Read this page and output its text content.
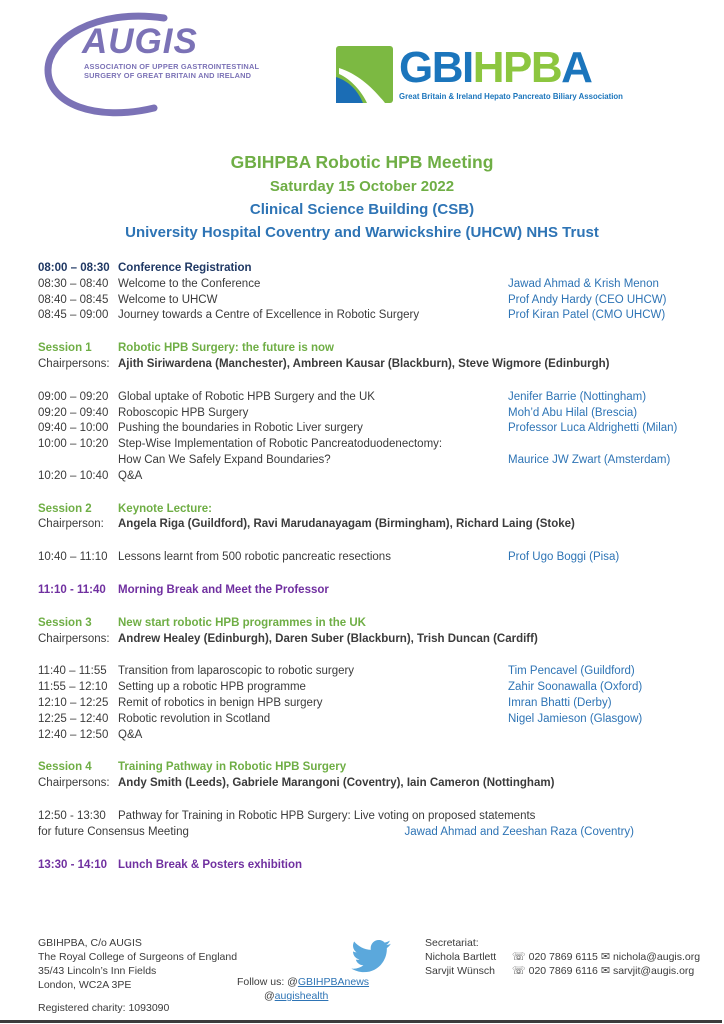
AUGIS
ASSOCIATION OF UPPER GASTROINTESTINAL
SURGERY OF GREAT BRITAIN AND IRELAND	GBIHPBA
Great Britain & Ireland Hepato Pancreato Biliary Association
GBIHPBA Robotic HPB Meeting
Saturday 15 October 2022
Clinical Science Building (CSB)
University Hospital Coventry and Warwickshire (UHCW) NHS Trust
08:00 – 08:30 Conference Registration
08:30 – 08:40 Welcome to the Conference	Jawad Ahmad & Krish Menon
08:40 – 08:45 Welcome to UHCW	Prof Andy Hardy (CEO UHCW)
08:45 – 09:00 Journey towards a Centre of Excellence in Robotic Surgery	Prof Kiran Patel (CMO UHCW)
Session 1	Robotic HPB Surgery: the future is now
Chairpersons: Ajith Siriwardena (Manchester), Ambreen Kausar (Blackburn), Steve Wigmore (Edinburgh)
09:00 – 09:20 Global uptake of Robotic HPB Surgery and the UK	Jenifer Barrie (Nottingham)
09:20 – 09:40 Roboscopic HPB Surgery	Moh’d Abu Hilal (Brescia)
09:40 – 10:00 Pushing the boundaries in Robotic Liver surgery	Professor Luca Aldrighetti (Milan)
10:00 – 10:20 Step-Wise Implementation of Robotic Pancreatoduodenectomy:
How Can We Safely Expand Boundaries?	Maurice JW Zwart (Amsterdam)
10:20 – 10:40 Q&A
Session 2	Keynote Lecture:
Chairperson:	Angela Riga (Guildford), Ravi Marudanayagam (Birmingham), Richard Laing (Stoke)
10:40 – 11:10 Lessons learnt from 500 robotic pancreatic resections	Prof Ugo Boggi (Pisa)
11:10 - 11:40	Morning Break and Meet the Professor
Session 3	New start robotic HPB programmes in the UK
Chairpersons: Andrew Healey (Edinburgh), Daren Suber (Blackburn), Trish Duncan (Cardiff)
11:40 – 11:55 Transition from laparoscopic to robotic surgery	Tim Pencavel (Guildford)
11:55 – 12:10 Setting up a robotic HPB programme	Zahir Soonawalla (Oxford)
12:10 – 12:25 Remit of robotics in benign HPB surgery	Imran Bhatti (Derby)
12:25 – 12:40 Robotic revolution in Scotland	Nigel Jamieson (Glasgow)
12:40 – 12:50 Q&A
Session 4	Training Pathway in Robotic HPB Surgery
Chairpersons: Andy Smith (Leeds), Gabriele Marangoni (Coventry), Iain Cameron (Nottingham)
12:50 - 13:30	Pathway for Training in Robotic HPB Surgery: Live voting on proposed statements
for future Consensus Meeting	Jawad Ahmad and Zeeshan Raza (Coventry)
13:30 - 14:10 Lunch Break & Posters exhibition
GBIHPBA, C/o AUGIS
The Royal College of Surgeons of England
35/43 Lincoln’s Inn Fields
London, WC2A 3PE
Registered charity: 1093090
Follow us: @GBIHPBAnews
@augishealth
Secretariat:
Nichola Bartlett ☏ 020 7869 6115 ✉ nichola@augis.org
Sarvjit Wünsch ☏ 020 7869 6116 ✉ sarvjit@augis.org
